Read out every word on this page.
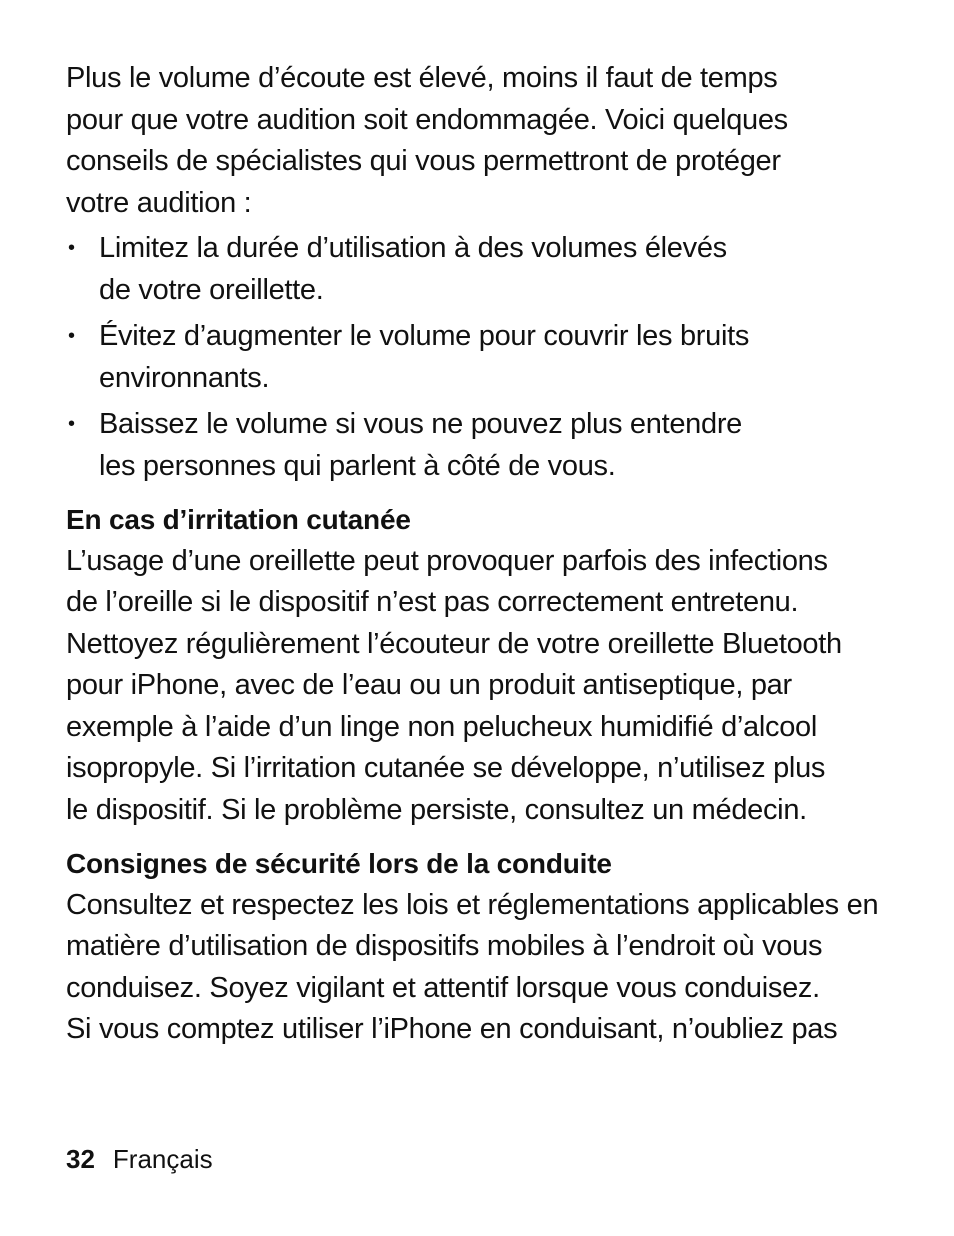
Plus le volume d’écoute est élevé, moins il faut de temps
pour que votre audition soit endommagée. Voici quelques
conseils de spécialistes qui vous permettront de protéger
votre audition :
• Limitez la durée d’utilisation à des volumes élevés
de votre oreillette.
• Évitez d’augmenter le volume pour couvrir les bruits
environnants.
• Baissez le volume si vous ne pouvez plus entendre
les personnes qui parlent à côté de vous.
En cas d’irritation cutanée
L’usage d’une oreillette peut provoquer parfois des infections
de l’oreille si le dispositif n’est pas correctement entretenu.
Nettoyez régulièrement l’écouteur de votre oreillette Bluetooth
pour iPhone, avec de l’eau ou un produit antiseptique, par
exemple à l’aide d’un linge non pelucheux humidifié d’alcool
isopropyle. Si l’irritation cutanée se développe, n’utilisez plus
le dispositif. Si le problème persiste, consultez un médecin.
Consignes de sécurité lors de la conduite
Consultez et respectez les lois et réglementations applicables en
matière d’utilisation de dispositifs mobiles à l’endroit où vous
conduisez. Soyez vigilant et attentif lorsque vous conduisez.
Si vous comptez utiliser l’iPhone en conduisant, n’oubliez pas
32 Français
